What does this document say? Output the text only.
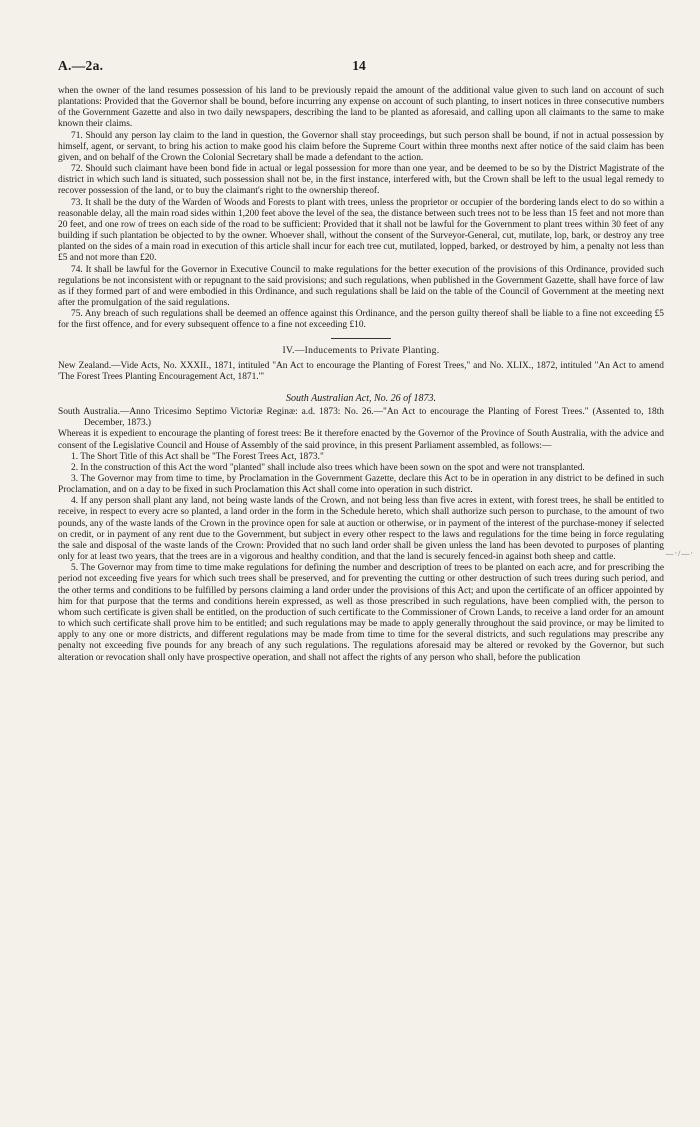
A.—2a.	14
—·/—·

when the owner of the land resumes possession of his land to be previously repaid the amount of the additional value given to such land on account of such plantations: Provided that the Governor shall be bound, before incurring any expense on account of such planting, to insert notices in three consecutive numbers of the Government Gazette and also in two daily newspapers, describing the land to be planted as aforesaid, and calling upon all claimants to the same to make known their claims.

71. Should any person lay claim to the land in question, the Governor shall stay proceedings, but such person shall be bound, if not in actual possession by himself, agent, or servant, to bring his action to make good his claim before the Supreme Court within three months next after notice of the said claim has been given, and on behalf of the Crown the Colonial Secretary shall be made a defendant to the action.

72. Should such claimant have been bond fide in actual or legal possession for more than one year, and be deemed to be so by the District Magistrate of the district in which such land is situated, such possession shall not be, in the first instance, interfered with, but the Crown shall be left to the usual legal remedy to recover possession of the land, or to buy the claimant's right to the ownership thereof.

73. It shall be the duty of the Warden of Woods and Forests to plant with trees, unless the proprietor or occupier of the bordering lands elect to do so within a reasonable delay, all the main road sides within 1,200 feet above the level of the sea, the distance between such trees not to be less than 15 feet and not more than 20 feet, and one row of trees on each side of the road to be sufficient: Provided that it shall not be lawful for the Government to plant trees within 30 feet of any building if such plantation be objected to by the owner. Whoever shall, without the consent of the Surveyor-General, cut, mutilate, lop, bark, or destroy any tree planted on the sides of a main road in execution of this article shall incur for each tree cut, mutilated, lopped, barked, or destroyed by him, a penalty not less than £5 and not more than £20.

74. It shall be lawful for the Governor in Executive Council to make regulations for the better execution of the provisions of this Ordinance, provided such regulations be not inconsistent with or repugnant to the said provisions; and such regulations, when published in the Government Gazette, shall have force of law as if they formed part of and were embodied in this Ordinance, and such regulations shall be laid on the table of the Council of Government at the meeting next after the promulgation of the said regulations.

75. Any breach of such regulations shall be deemed an offence against this Ordinance, and the person guilty thereof shall be liable to a fine not exceeding £5 for the first offence, and for every subsequent offence to a fine not exceeding £10.

IV.—Inducements to Private Planting.

New Zealand.—Vide Acts, No. XXXII., 1871, intituled "An Act to encourage the Planting of Forest Trees," and No. XLIX., 1872, intituled "An Act to amend 'The Forest Trees Planting Encouragement Act, 1871.'"

South Australian Act, No. 26 of 1873.

South Australia.—Anno Tricesimo Septimo Victoriæ Reginæ: a.d. 1873: No. 26.—"An Act to encourage the Planting of Forest Trees." (Assented to, 18th December, 1873.)

Whereas it is expedient to encourage the planting of forest trees: Be it therefore enacted by the Governor of the Province of South Australia, with the advice and consent of the Legislative Council and House of Assembly of the said province, in this present Parliament assembled, as follows:—

1. The Short Title of this Act shall be "The Forest Trees Act, 1873."

2. In the construction of this Act the word "planted" shall include also trees which have been sown on the spot and were not transplanted.

3. The Governor may from time to time, by Proclamation in the Government Gazette, declare this Act to be in operation in any district to be defined in such Proclamation, and on a day to be fixed in such Proclamation this Act shall come into operation in such district.

4. If any person shall plant any land, not being waste lands of the Crown, and not being less than five acres in extent, with forest trees, he shall be entitled to receive, in respect to every acre so planted, a land order in the form in the Schedule hereto, which shall authorize such person to purchase, to the amount of two pounds, any of the waste lands of the Crown in the province open for sale at auction or otherwise, or in payment of the interest of the purchase-money if selected on credit, or in payment of any rent due to the Government, but subject in every other respect to the laws and regulations for the time being in force regulating the sale and disposal of the waste lands of the Crown: Provided that no such land order shall be given unless the land has been devoted to purposes of planting only for at least two years, that the trees are in a vigorous and healthy condition, and that the land is securely fenced-in against both sheep and cattle.

5. The Governor may from time to time make regulations for defining the number and description of trees to be planted on each acre, and for prescribing the period not exceeding five years for which such trees shall be preserved, and for preventing the cutting or other destruction of such trees during such period, and the other terms and conditions to be fulfilled by persons claiming a land order under the provisions of this Act; and upon the certificate of an officer appointed by him for that purpose that the terms and conditions herein expressed, as well as those prescribed in such regulations, have been complied with, the person to whom such certificate is given shall be entitled, on the production of such certificate to the Commissioner of Crown Lands, to receive a land order for an amount to which such certificate shall prove him to be entitled; and such regulations may be made to apply generally throughout the said province, or may be limited to apply to any one or more districts, and different regulations may be made from time to time for the several districts, and such regulations may prescribe any penalty not exceeding five pounds for any breach of any such regulations. The regulations aforesaid may be altered or revoked by the Governor, but such alteration or revocation shall only have prospective operation, and shall not affect the rights of any person who shall, before the publication
